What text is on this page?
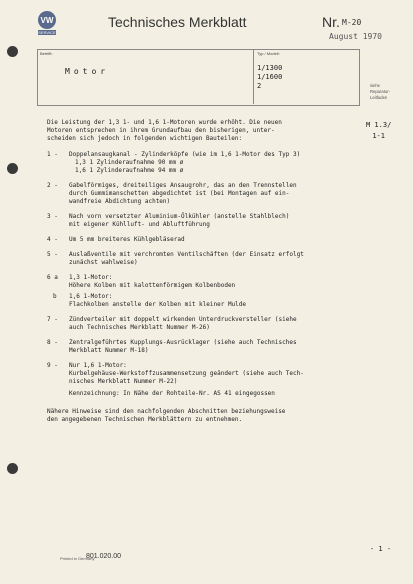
VW
SERVICE
Technisches Merkblatt	Nr. M-20
August 1970
Betrifft:	Typ / Modell:
Motor	1/1300
1/1600
2	siehe
Reparatur-
Leitfaden
M 1.3/
1-1
Die Leistung der 1,3 1- und 1,6 1-Motoren wurde erhöht. Die neuen
Motoren entsprechen in ihrem Grundaufbau den bisherigen, unter-
scheiden sich jedoch in folgenden wichtigen Bauteilen:
1 - Doppelansaugkanal - Zylinderköpfe (wie im 1,6 1-Motor des Typ 3)
1,3 1 Zylinderaufnahme 90 mm ø
1,6 1 Zylinderaufnahme 94 mm ø
2 - Gabelförmiges, dreiteiliges Ansaugrohr, das an den Trennstellen
durch Gummimanschetten abgedichtet ist (bei Montagen auf ein-
wandfreie Abdichtung achten)
3 - Nach vorn versetzter Aluminium-Ölkühler (anstelle Stahlblech)
mit eigener Kühlluft- und Abluftführung
4 - Um 5 mm breiteres Kühlgebläserad
5 - Auslaßventile mit verchromten Ventilschäften (der Einsatz erfolgt
zunächst wahlweise)
6 a 1,3 1-Motor:
Höhere Kolben mit kalottenförmigem Kolbenboden
b 1,6 1-Motor:
Flachkolben anstelle der Kolben mit kleiner Mulde
7 - Zündverteiler mit doppelt wirkenden Unterdruckversteller (siehe
auch Technisches Merkblatt Nummer M-26)
8 - Zentralgeführtes Kupplungs-Ausrücklager (siehe auch Technisches
Merkblatt Nummer M-18)
9 - Nur 1,6 1-Motor:
Kurbelgehäuse-Werkstoffzusammensetzung geändert (siehe auch Tech-
nisches Merkblatt Nummer M-22)
Kennzeichnung: In Nähe der Rohteile-Nr. AS 41 eingegossen
Nähere Hinweise sind den nachfolgenden Abschnitten beziehungsweise
den angegebenen Technischen Merkblättern zu entnehmen.
- 1 -
Printed in Germany
801.020.00
